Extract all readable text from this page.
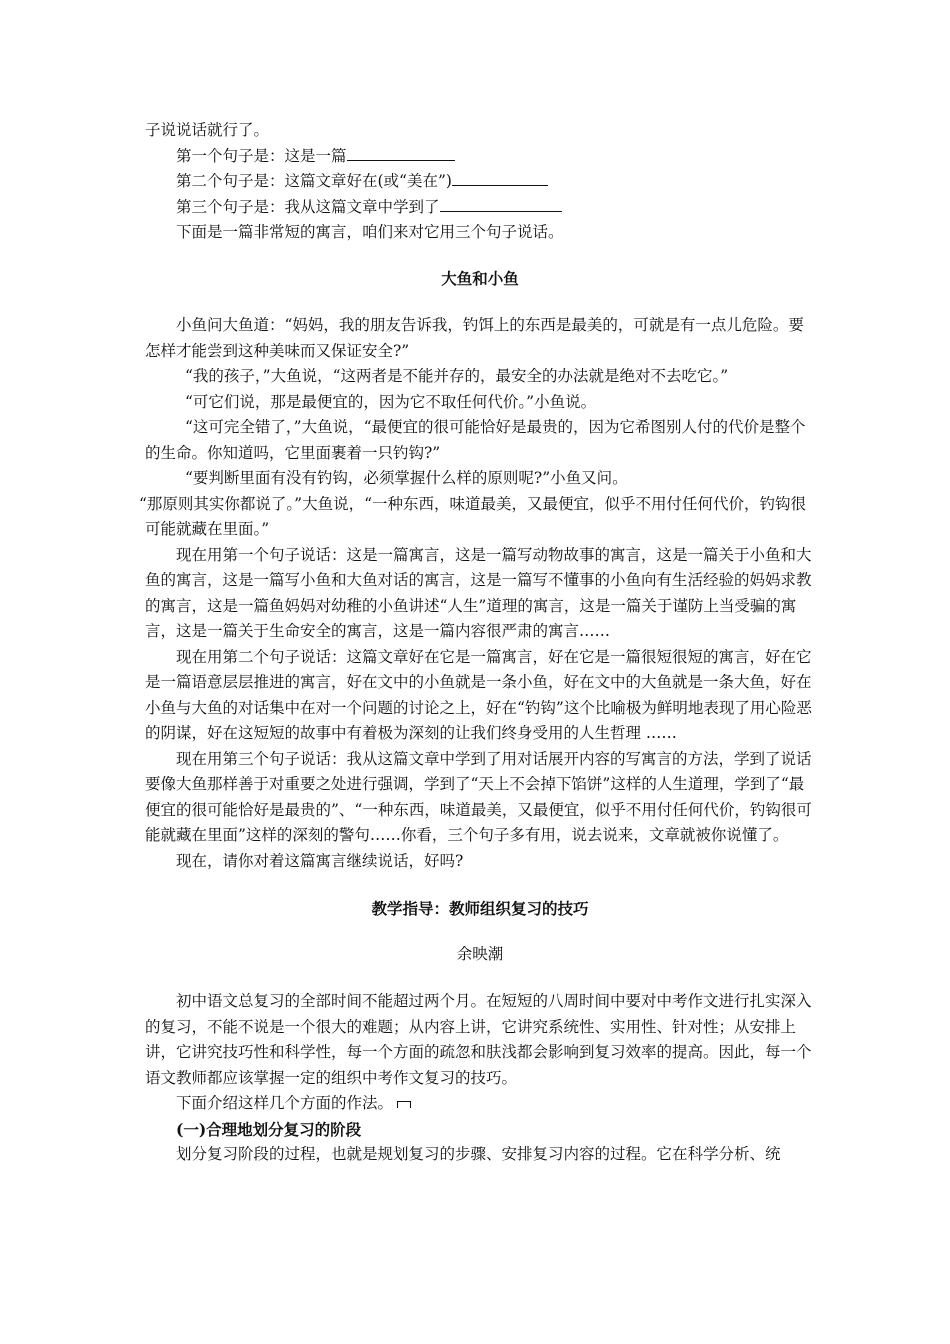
子说说话就行了。

第一个句子是：这是一篇

第二个句子是：这篇文章好在(或“美在”)

第三个句子是：我从这篇文章中学到了

下面是一篇非常短的寓言，咱们来对它用三个句子说话。

大鱼和小鱼

小鱼问大鱼道：“妈妈，我的朋友告诉我，钓饵上的东西是最美的，可就是有一点儿危险。要怎样才能尝到这种美味而又保证安全?”

“我的孩子，”大鱼说，“这两者是不能并存的，最安全的办法就是绝对不去吃它。”

“可它们说，那是最便宜的，因为它不取任何代价。”小鱼说。

“这可完全错了，”大鱼说，“最便宜的很可能恰好是最贵的，因为它希图别人付的代价是整个的生命。你知道吗，它里面裹着一只钓钩?”

“要判断里面有没有钓钩，必须掌握什么样的原则呢?”小鱼又问。

“那原则其实你都说了。”大鱼说，“一种东西，味道最美，又最便宜，似乎不用付任何代价，钓钩很可能就藏在里面。”

现在用第一个句子说话：这是一篇寓言，这是一篇写动物故事的寓言，这是一篇关于小鱼和大鱼的寓言，这是一篇写小鱼和大鱼对话的寓言，这是一篇写不懂事的小鱼向有生活经验的妈妈求教的寓言，这是一篇鱼妈妈对幼稚的小鱼讲述“人生”道理的寓言，这是一篇关于谨防上当受骗的寓言，这是一篇关于生命安全的寓言，这是一篇内容很严肃的寓言……

现在用第二个句子说话：这篇文章好在它是一篇寓言，好在它是一篇很短很短的寓言，好在它是一篇语意层层推进的寓言，好在文中的小鱼就是一条小鱼，好在文中的大鱼就是一条大鱼，好在小鱼与大鱼的对话集中在对一个问题的讨论之上，好在“钓钩”这个比喻极为鲜明地表现了用心险恶的阴谋，好在这短短的故事中有着极为深刻的让我们终身受用的人生哲理 ……

现在用第三个句子说话：我从这篇文章中学到了用对话展开内容的写寓言的方法，学到了说话要像大鱼那样善于对重要之处进行强调，学到了“天上不会掉下馅饼”这样的人生道理，学到了“最便宜的很可能恰好是最贵的”、“一种东西，味道最美，又最便宜，似乎不用付任何代价，钓钩很可能就藏在里面”这样的深刻的警句……你看，三个句子多有用，说去说来，文章就被你说懂了。

现在，请你对着这篇寓言继续说话，好吗?

教学指导：教师组织复习的技巧

余映潮

初中语文总复习的全部时间不能超过两个月。在短短的八周时间中要对中考作文进行扎实深入的复习，不能不说是一个很大的难题；从内容上讲，它讲究系统性、实用性、针对性；从安排上讲，它讲究技巧性和科学性，每一个方面的疏忽和肤浅都会影响到复习效率的提高。因此，每一个语文教师都应该掌握一定的组织中考作文复习的技巧。

下面介绍这样几个方面的作法。

(一)合理地划分复习的阶段

划分复习阶段的过程，也就是规划复习的步骤、安排复习内容的过程。它在科学分析、统
